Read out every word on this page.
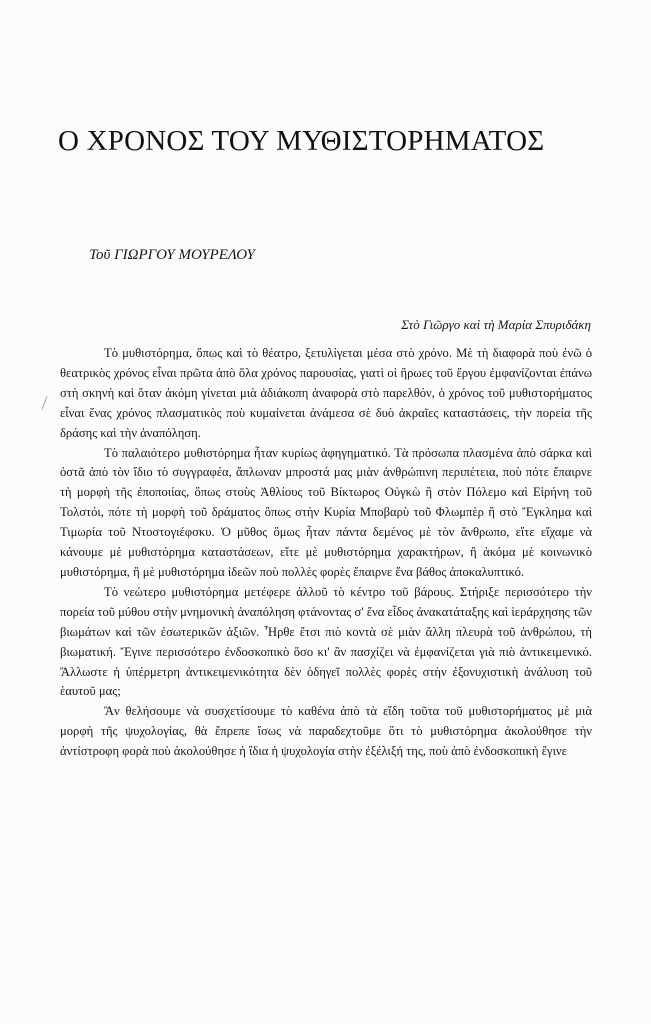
Ο ΧΡΟΝΟΣ ΤΟΥ ΜΥΘΙΣΤΟΡΗΜΑΤΟΣ

Τοῦ ΓΙΩΡΓΟΥ ΜΟΥΡΕΛΟΥ

Στὸ Γιῶργο καὶ τὴ Μαρία Σπυριδάκη

Τὸ μυθιστόρημα, ὅπως καὶ τὸ θέατρο, ξετυλίγεται μέσα στὸ χρόνο. Μὲ τὴ διαφορὰ ποὺ ἐνῶ ὁ θεατρικὸς χρόνος εἶναι πρῶτα ἀπὸ ὅλα χρόνος παρουσίας, γιατὶ οἱ ἥρωες τοῦ ἔργου ἐμφανίζονται ἐπάνω στὴ σκηνὴ καὶ ὅταν ἀκόμη γίνεται μιὰ ἀδιάκοπη ἀναφορὰ στὸ παρελθόν, ὁ χρόνος τοῦ μυθιστορήματος εἶναι ἕνας χρόνος πλασματικὸς ποὺ κυμαίνεται ἀνάμεσα σὲ δυὸ ἀκραῖες καταστάσεις, τὴν πορεία τῆς δράσης καὶ τὴν ἀναπόληση.

Τὸ παλαιότερο μυθιστόρημα ἦταν κυρίως ἀφηγηματικό. Τὰ πρόσωπα πλασμένα ἀπὸ σάρκα καὶ ὀστᾶ ἀπὸ τὸν ἴδιο τὸ συγγραφέα, ἅπλωναν μπροστά μας μιὰν ἀνθρώπινη περιπέτεια, ποὺ πότε ἔπαιρνε τὴ μορφὴ τῆς ἐποποιίας, ὅπως στοὺς Ἀθλίους τοῦ Βίκτωρος Οὐγκὼ ἢ στὸν Πόλεμο καὶ Εἰρήνη τοῦ Τολστόι, πότε τὴ μορφὴ τοῦ δράματος ὅπως στὴν Κυρία Μποβαρὺ τοῦ Φλωμπὲρ ἢ στὸ Ἔγκλημα καὶ Τιμωρία τοῦ Ντοστογιέφσκυ. Ὁ μῦθος ὅμως ἦταν πάντα δεμένος μὲ τὸν ἄνθρωπο, εἴτε εἴχαμε νὰ κάνουμε μὲ μυθιστόρημα καταστάσεων, εἴτε μὲ μυθιστόρημα χαρακτήρων, ἢ ἀκόμα μὲ κοινωνικὸ μυθιστόρημα, ἢ μὲ μυθιστόρημα ἰδεῶν ποὺ πολλὲς φορὲς ἔπαιρνε ἕνα βάθος ἀποκαλυπτικό.

Τὸ νεώτερο μυθιστόρημα μετέφερε ἀλλοῦ τὸ κέντρο τοῦ βάρους. Στήριξε περισσότερο τὴν πορεία τοῦ μύθου στὴν μνημονικὴ ἀναπόληση φτάνοντας σ' ἕνα εἶδος ἀνακατάταξης καὶ ἱεράρχησης τῶν βιωμάτων καὶ τῶν ἐσωτερικῶν ἀξιῶν. Ἦρθε ἔτσι πιὸ κοντὰ σὲ μιὰν ἄλλη πλευρὰ τοῦ ἀνθρώπου, τὴ βιωματική. Ἔγινε περισσότερο ἐνδοσκοπικὸ ὅσο κι' ἂν πασχίζει νὰ ἐμφανίζεται γιὰ πιὸ ἀντικειμενικό. Ἄλλωστε ἡ ὑπέρμετρη ἀντικειμενικότητα δὲν ὁδηγεῖ πολλὲς φορὲς στὴν ἐξονυχιστικὴ ἀνάλυση τοῦ ἑαυτοῦ μας;

Ἂν θελήσουμε νὰ συσχετίσουμε τὸ καθένα ἀπὸ τὰ εἴδη τοῦτα τοῦ μυθιστορήματος μὲ μιὰ μορφὴ τῆς ψυχολογίας, θὰ ἔπρεπε ἴσως νὰ παραδεχτοῦμε ὅτι τὸ μυθιστόρημα ἀκολούθησε τὴν ἀντίστροφη φορὰ ποὺ ἀκολούθησε ἡ ἴδια ἡ ψυχολογία στὴν ἐξέλιξή της, ποὺ ἀπὸ ἐνδοσκοπικὴ ἔγινε
